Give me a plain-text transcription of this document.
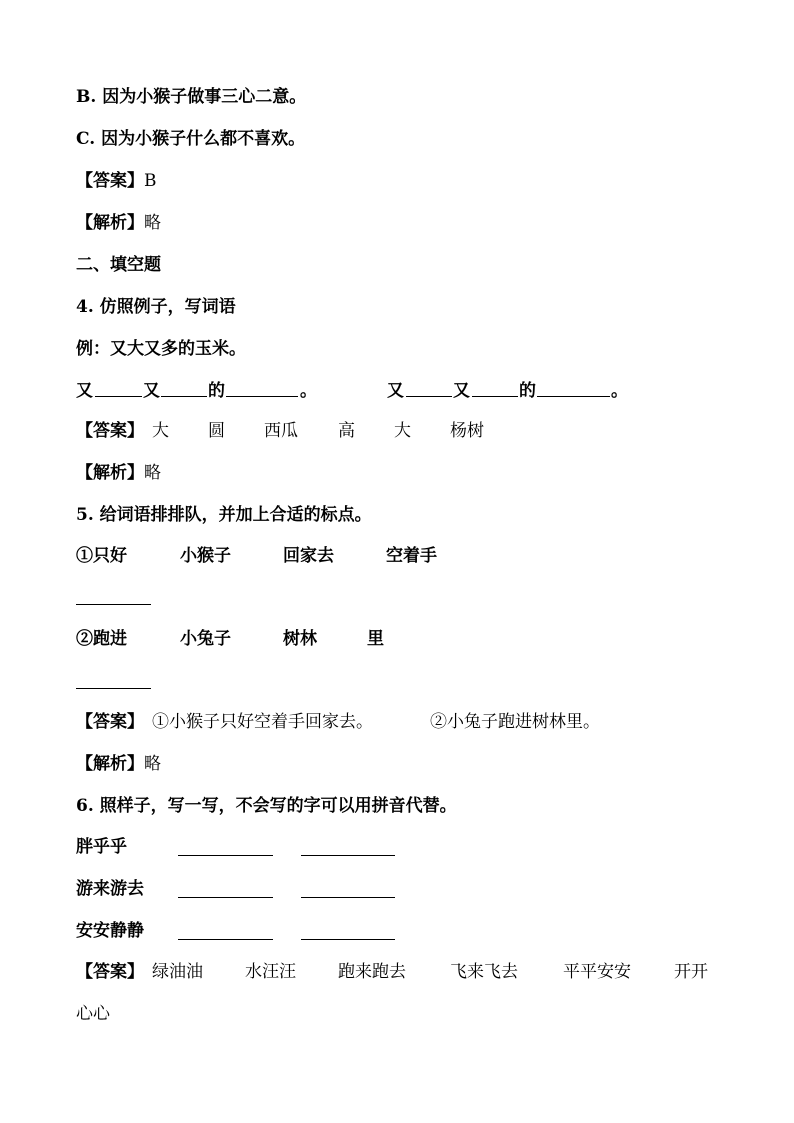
B. 因为小猴子做事三心二意。
C. 因为小猴子什么都不喜欢。
【答案】B
【解析】略
二、填空题
4. 仿照例子，写词语
例：又大又多的玉米。
又	又	的	。	又	又	的	。
【答案】 大 圆 西瓜 高 大 杨树
【解析】略
5. 给词语排排队，并加上合适的标点。
①只好	小猴子	回家去	空着手
②跑进	小兔子	树林	里
【答案】 ①小猴子只好空着手回家去。	②小兔子跑进树林里。
【解析】略
6. 照样子，写一写，不会写的字可以用拼音代替。
胖乎乎
游来游去
安安静静
【答案】 绿油油 水汪汪 跑来跑去	飞来飞去	平平安安	开开
心心
